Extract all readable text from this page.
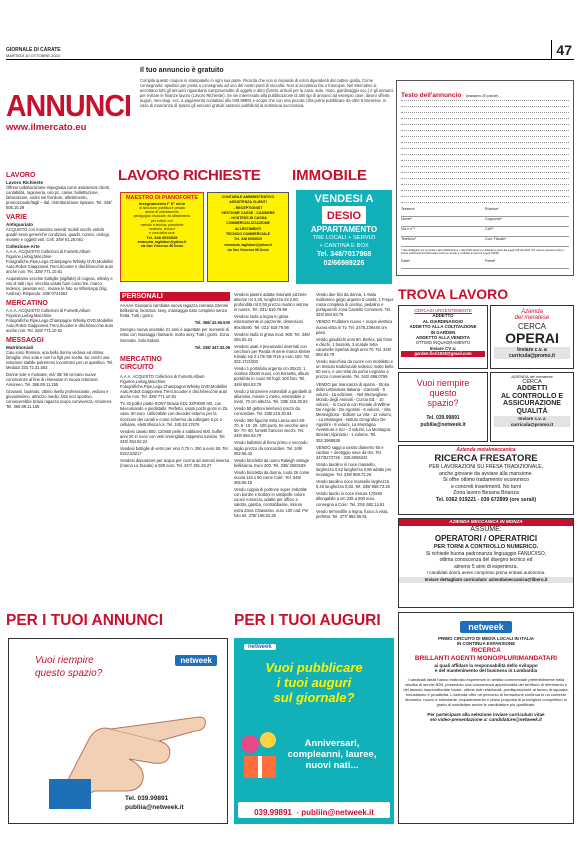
GIORNALE DI CARATE
MARTEDÌ 10 OTTOBRE 2023	47
ANNUNCI
www.ilmercato.eu
Il tuo annuncio è gratuito
Compila questo coupon in stampatello in ogni sua parte. Ricorda che non si risponde di errori dipendenti dal cattivo grafia. Come consegnarlo: spedisci per posta o consegnalo ad uno dei nostri punti di raccolta. Non si accettano fax o fotocopie. Nel Mercatino si accettano tutti gli annunci riguardanti compravendite di oggetti e altro (furetti, articoli per la casa, auto, moto, giardinaggio ecc.) e gli annunci per evitare le finanze lavoro (Lavoro Richieste). Se sei interessato alla pubblicazione di altri tipi di annunci ad esempio case, lavoro offerte, auguri, necrologi, ecc. a pagamento contattaci allo 039.99891 e scopri che con una piccola cifra potrai pubblicare da oltre 8 interesse. In caso di mancanza di spazio gli annunci gratuiti saranno pubblicati la settimana successiva.
Testo dell'annuncio (massimo 20 parole)
Tessera*	Rubrica*
Nome*	Cognome*
Via e n°*	CAP*
Telefono*	Cod. Fiscale*
* Dati obbligatori per procedere alla pubblicazione. I dati NON saranno pubblicati ai sensi del legge 196 del 2003. Per essere esposte le foto e buone pratiche/ai fini dell'evitare rischi per le fate e i cellulari ai sensi di Legge 196/96.
Data*	Firma*
LAVORO
Lavoro Richieste

Offresi collaborazione impegnata come assistenza clienti, contabilità, ragioneria, uso pc, casse; bollettazione, fatturazione, ordini nei fornitore, allestimento, promozionale/tagli – dal, ristrutturazione riparare. Tel. 349/ 605.15.29

VARIE
Antiquariato

ACQUISTO con massima serietà' mobili vecchi antichi quadri sessi generiche condizioni, quadri, cornici, orologi, monete e oggetti vari. Cell. 349/ 61.25.061

Collezione-Arte

A.A.A. ACQUISTO Collezioni di Fumetti,Album Figurine,Liebig,Macchine Fotografiche,Pipe,Lego,Champagne Whisky DVD,Modellini Auto,Robot Giapponesi,Treni,Scooter e dischi/vecchie auto anche non. Tel. 328/ 771.10.81

Acquistiamo vecchie bottiglie (sigillate) di cognac, whisky e vini di tutti i tipi. Vecchia valuta fuori corso lire, marco tedesco, pesetas ecc.. Inviare le foto su WhatsApp (Sig. Andrea). Rispondo. 349/ 0741664

MERCATINO

A.A.A. ACQUISTO Collezioni di Fumetti,Album Figurine,Liebig,Macchine Fotografiche,Pipe,Lego,Champagne Whisky DVD,Modellini Auto,Robot Giapponesi,Treni,Scooter e dischi/vecchie auto anche non. Tel. 328/ 771.10.81

MESSAGGI
Matrimoniali

Ciao sono Romina, una bella donna vedova ed ottima famiglia. Vivo sola e non ho figli per scelta. Se cerchi una relazione stabile potremmo incontrarci per un aperitivo. Tel. Mediazi 333.72.31.563

Donne sole e motivate, età' 35/ 59 cercano nuove conoscenze al fine di rimessare in nuova relazione. Amoreeo. Tel. 366.89.11.155

Giovanni, laureato, ottimo livello professionale, vedovo e giovanissimo, attrezzo medio, fatti ricci sportivo, conoscerebbe brava ragazza scopo convivenza. Amoreeo. Tel. 366.89.11.155

LAVORO RICHIESTE
MAESTRO DI PIANOFORTE
Insegnamento I° II° ciclo
di istruzione pubblica e privata
anche di orientamento
pedagogico musicale, ed allestimento
per solisti, cori
metodo e tecnica, pianoforte
moderno, teoria e
e cura della voce
Tel. 348 6053529
emanuela_tagliabue@yahoo.it
via San Vincenzo 66 Desio
CONTABILE AMMINISTRATIVO
ASSISTENZA CLIENTI
- RECEPTIONIST
GESTIONE CASSE - CASSIERE
- HOSTESS DI CASSA
COMMERCIALIZZAZIONE
ALLESTIMENTI
TECNICO COMMERCIALE
Tel. 348 6053529
emanuela_tagliabue@yahoo.it
via San Vincenzo 66 Desio
IMMOBILE
VENDESI A
DESIO
APPARTAMENTO
TRE LOCALI + SERVIZI
+ CANTINA E BOX
Tel. 348/7017968
02/66989226
PERSONALI

AAAAA Giussano cambiata nuova ragazza coreana 22enne bellissima, bionzina, sexy, massaggio tutto completo senza fretta. Tutti i giorni.

Tel. 366/ 42.56.530

Seregno nuova orientale 21 anni è aspettate per momenti di relax con massaggi rilassanti, molto sexy. Tutti i giorni. Zona riservata. Solo italiani.

Tel. 338/ 447.32.06

MERCATINO CIRCUITO

A.A.A. ACQUISTO Collezioni di Fumetti,Album Figurine,Liebig,Macchine Fotografiche,Pipe,Lego,Champagne Whisky DVD,Modellini Auto,Robot Giapponesi,Treni,Scooter e dischi/vecchie auto anche non. Tel. 328/ 771.10.81

TV 32 pollici piatto SONY Bravia KDL 32P3000 HD, con telecomando e piedistallo. Perfetto, usato pochi giorni in Za casa. 60 euro. Utilizzabile con decoder esterno per la ricezione dei canali e come schermo da collegare a pc o cellulare, elettrofisica k.k. Tel. 340.48.17676

Vendesi cavalo 800, 120x60 pelle a sabbiarsi 500, buffet anni 20 in noce con vetri smerigliati, tappetino tunisini. Tel. 349/ 284.92.24

Vendesi bottiglie di vetro per vino 0,75 n. 250 a euro 50. Tel. 0322.53217

Vendesi depuratore per acque per cucina ad osmosi inversa (marca La Ducale) a 500 euro. Tel. 347/ 391.29.27

Vendesi piastre adatta ristoranti pizzerie attezze mt 2,30, lunghezza mt 2,60, profondità mt 0,50 prezzo modico vetrina in ruvere. Tel. 031/ 819.79.98

Vendesi stufa a legna in ghisa esternamente in pazzerite, dimensioni 90x40x90. Tel. 031/ 819.79.98

Vendesi stufa in ghisa mod. 900. Tel. 349/ 284.92.24

Vendesi usati 4 pneumatici invernali con cerchioni per Panda III serie marca Kleber Krisalp Hp 2 175/ 65/ R15 a euro 150. Tel. 332.1721003

Vendo 1 portafolio argento cm 20x23, 1 sciolina 28x30 nuovi, con borsetta, album portafoto in cuoio 50 fogli, 100 foto. Tel. 349/ 884.83.79

Vendo 2 lanzenere estensibili a gambelli di alluminio, misure 1 metro, estensibile 2 metri, 70 cm altezza. Tel. 338/ 215.30.84

Vendo 50 gettoni telefonici prezzi da concordare. Tel. 338/ 215.30.84

Vendo 300 figurine Mira Lanza anni 60- 70, 5- 10- 20- 100 punti, tre vecchie anni 50- 70- 80, fumetti francesi vecchi. Tel. 349/ 884.83.79

Vendo ballottini di fieno primo e secondo taglio prezzo da concordare. Tel. 349/ 082.96.42

Vendo bicicletta da uomo Raleigh vintage bellissima. Euro 200. Tel. 339/ 2583169

Vendo bicicletta da donna, ruota 26 come nuova 115 x 50 come Cole'. Tel. 349/ 365.86.15

Vendo coppia di poltrone super imbottite con bordre e bottoni in similpelle colore cuoio/ rossiccio, adatte per ufficio e salotto, gamba, contrabbasse, misure extra Zona Chiavasso, euro 100 cad. Per foto tel. 378/ 188.02.35

Vendo due bici da donna, 1 Atala mallumino grigio argento 5 cambi, 1 Frejus rossa completa di cestino, pedalino e portapacchi zona Castello Cervesesi. Tel. 349/ 884.83.79

VENDO Frullatore nuovo + scope elettrica nuova vista in Tv. Tel. 3475.239446 ore pasti

Vendo giradischi anni 80, Berlex, più forse e dischi, 1 bussola, 3 scatole tetra caramelle Sperlari degli anni 70. Tel. 349/ 884.83.79

Vendo macchina da cucire con mobiletto e un tessuto tradizionale tedesco molto bello 60 euro, e uno telai da uomo Legnano a prezzo conveniente. Tel. 342/ 698.0769

VENDO per mancanza di spazio - Storia della Letteratura Italiana - Garzanti - 9 volumi - 1a edizione, - Nel Meraviglioso Mondo degli Animali - Curcio Ed. - 10 volumi, - In Cucina con Fioriale di Willme De Angelis - De Agostini - 6 volumi, - Vita Meravigliosa - Editore La Vita - 12 volumi, - La Montagna - Istituto Geografico De Agostini - 8 volumi, La Montagna Avventure e Scr - 2 volumi, La Montagna Itinerari Alpinistici - 1 volume. Tel. 353.3968638

VENDO saggi a nastro diametro 60 e cardine + dentiggio nave da tiro. Tel. 347/9273726 - 328.6066342

Vendo tavolino in noce massello, larghezza 0,62 lunghezza 0,86 adatto per montagne. Tel. 339/ 858.73.26

Vendo tavolino noce massello larghezza 0,46 lunghezza 0,83. Tel. 339/ 858.73.26

Vendo tavolo in noce misura 170x90 allungabile a cm 235 a 500 euro, consegna a Cole'. Tel. 334/ 682.14.81

Vendo termosifile a legna, fuoco a vista, perfetta. Tel. 377/ 982.95.91

TROVA LAVORO
CERCASI URGENTEMENTE
ADDETTO
AL GIARDINAGGIO
ADDETTO ALLA COLTIVAZIONE
IN GARDEN
ADDETTO ALLA VENDITA
OTTIMO INQUADRAMENTO
Inviare CV a:
garden.fiori1928@gmail.com
Azienda
del meratese
CERCA
OPERAI
Inviare c.v. a
curricula@promo.it
Vuoi riempire
questo
spazio?
Tel. 039.99891
publiia@netweek.it
AZIENDA del meratese
CERCA
ADDETTI
AL CONTROLLO E
ASSICURAZIONE
QUALITÀ
Inviare c.v. a
curricula@promo.it
Azienda metalmeccanica
RICERCA FRESATORE
PER LAVORAZIONI SU FRESA TRADIZIONALE,
anche giovane da avviare alla mansione.
Si offre ottimo trattamento economico
e concreti inserimenti. No turni
Zona lavoro Besana Brianza
Tel. 0362 919221 - 039 672899 (ore serali)
AZIENDA MECCANICA IN MONZA
ASSUME:
OPERATORI / OPERATRICI
PER TORNI A CONTROLLO NUMERICO.
Si richiede buona padronanza linguaggio FANUC/ISO,
ottima conoscenza del disegno tecnico ed
almeno 5 anni di esperienza.
I candidati dovrà avere compreso prima entrasi autonoma.
Inviare dettagliato curriculum: aziendameccanica@libero.it
PER I TUOI ANNUNCI	PER I TUOI AUGURI
netweek
Vuoi riempire
questo spazio?
Tel. 039.99891
publiia@netweek.it
netweek
Vuoi pubblicare
i tuoi auguri
sul giornale?
Anniversari,
compleanni, lauree,
nuovi nati...
039.99891 - publiin@netweek.it
netweek
PRIMO CIRCUITO DI MEDIA LOCALI IN ITALIA
IN CONTINUA ESPANSIONE
RICERCA
BRILLANTI AGENTI MONO/PLURIMANDATARI
ai quali affidare la responsabilità dello sviluppo
e del mantenimento del business in Lombardia
I candidati ideali hanno maturato esperienze in ambito commerciale preferibilmente nella vendita di servizi B2B, posseduto una conoscenza approfondita del territorio di riferimento e del tessuto imprenditoriale locale, ottime doti relazionali, predisposizione al lavoro di squadra, entusiasmo e proattività. L'azienda offre un percorso di formazione continua in un contesto dinamico, nuovo e stimolante, inquadramento e piano proposta di provvigioni competitivo in grado di soddisfare anche le candidature più qualificate.
Per partecipare alla selezione inviare curriculum vitae
e/o video-presentazione a: candidature@netweek.it
